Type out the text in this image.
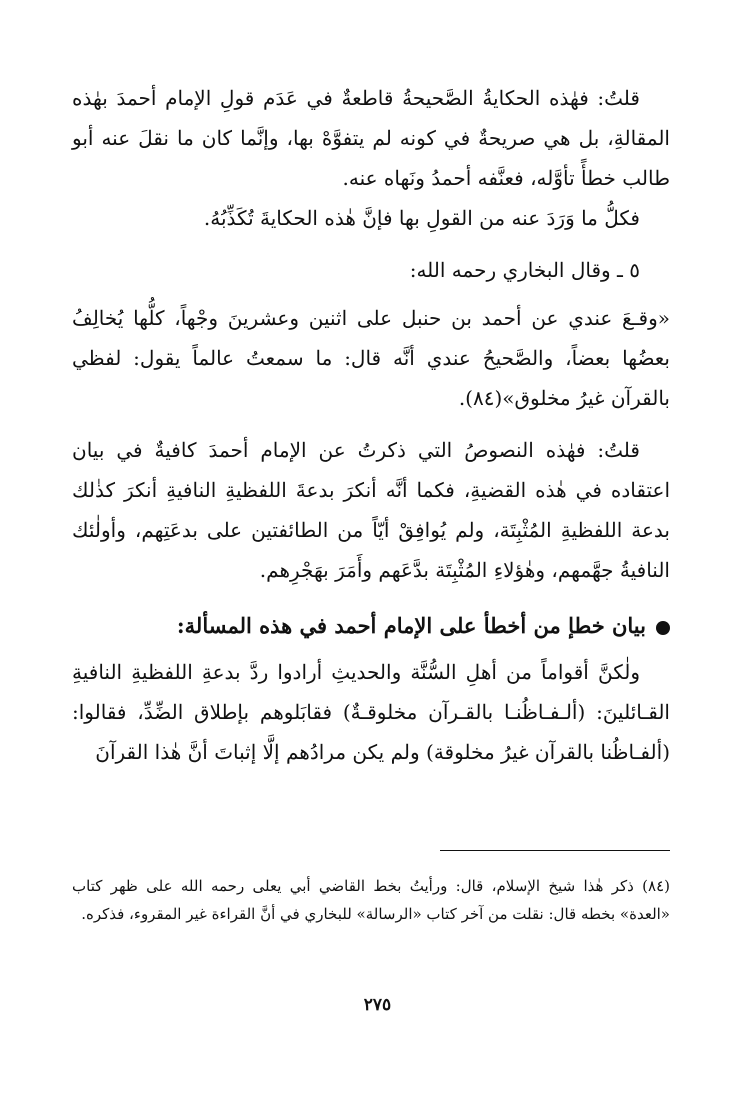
قلتُ: فهٰذه الحكايةُ الصَّحيحةُ قاطعةٌ في عَدَم قولِ الإمام أحمدَ بهٰذه المقالةِ، بل هي صريحةٌ في كونه لم يتفوَّهْ بها، وإنَّما كان ما نقلَ عنه أبو طالب خطأً تأوَّله، فعنَّفه أحمدُ ونَهاه عنه.

فكلُّ ما وَرَدَ عنه من القولِ بها فإنَّ هٰذه الحكايةَ تُكَذِّبُهُ.

٥ ـ وقال البخاري رحمه الله:

«وقـعَ عندي عن أحمد بن حنبل على اثنين وعشرينَ وجْهاً، كلُّها يُخالِفُ بعضُها بعضاً، والصَّحيحُ عندي أنَّه قال: ما سمعتُ عالماً يقول: لفظي بالقرآن غيرُ مخلوق»(٨٤).

قلتُ: فهٰذه النصوصُ التي ذكرتُ عن الإمام أحمدَ كافيةٌ في بيان اعتقاده في هٰذه القضيةِ، فكما أنَّه أنكرَ بدعةَ اللفظيةِ النافيةِ أنكرَ كذٰلك بدعة اللفظيةِ المُثْبِتَة، ولم يُوافِقْ أيّاً من الطائفتين على بدعَتِهم، وأولٰئك النافيةُ جهَّمهم، وهٰؤلاءِ المُثْبِتَة بدَّعَهم وأَمَرَ بهَجْرِهم.

بيان خطإ من أخطأ على الإمام أحمد في هذه المسألة:

ولٰكنَّ أقواماً من أهلِ السُّنَّة والحديثِ أرادوا ردَّ بدعةِ اللفظيةِ النافيةِ القـائلينَ: (ألـفـاظُنـا بالقـرآن مخلوقـةٌ) فقابَلوهم بإطلاق الضِّدِّ، فقالوا: (ألفـاظُنا بالقرآن غيرُ مخلوقة) ولم يكن مرادُهم إلَّا إثباتَ أنَّ هٰذا القرآنَ

(٨٤) ذكر هٰذا شيخ الإسلام، قال: ورأيتُ بخط القاضي أبي يعلى رحمه الله على ظهر كتاب «العدة» بخطه قال: نقلت من آخر كتاب «الرسالة» للبخاري في أنَّ القراءة غير المقروء، فذكره.

٢٧٥
